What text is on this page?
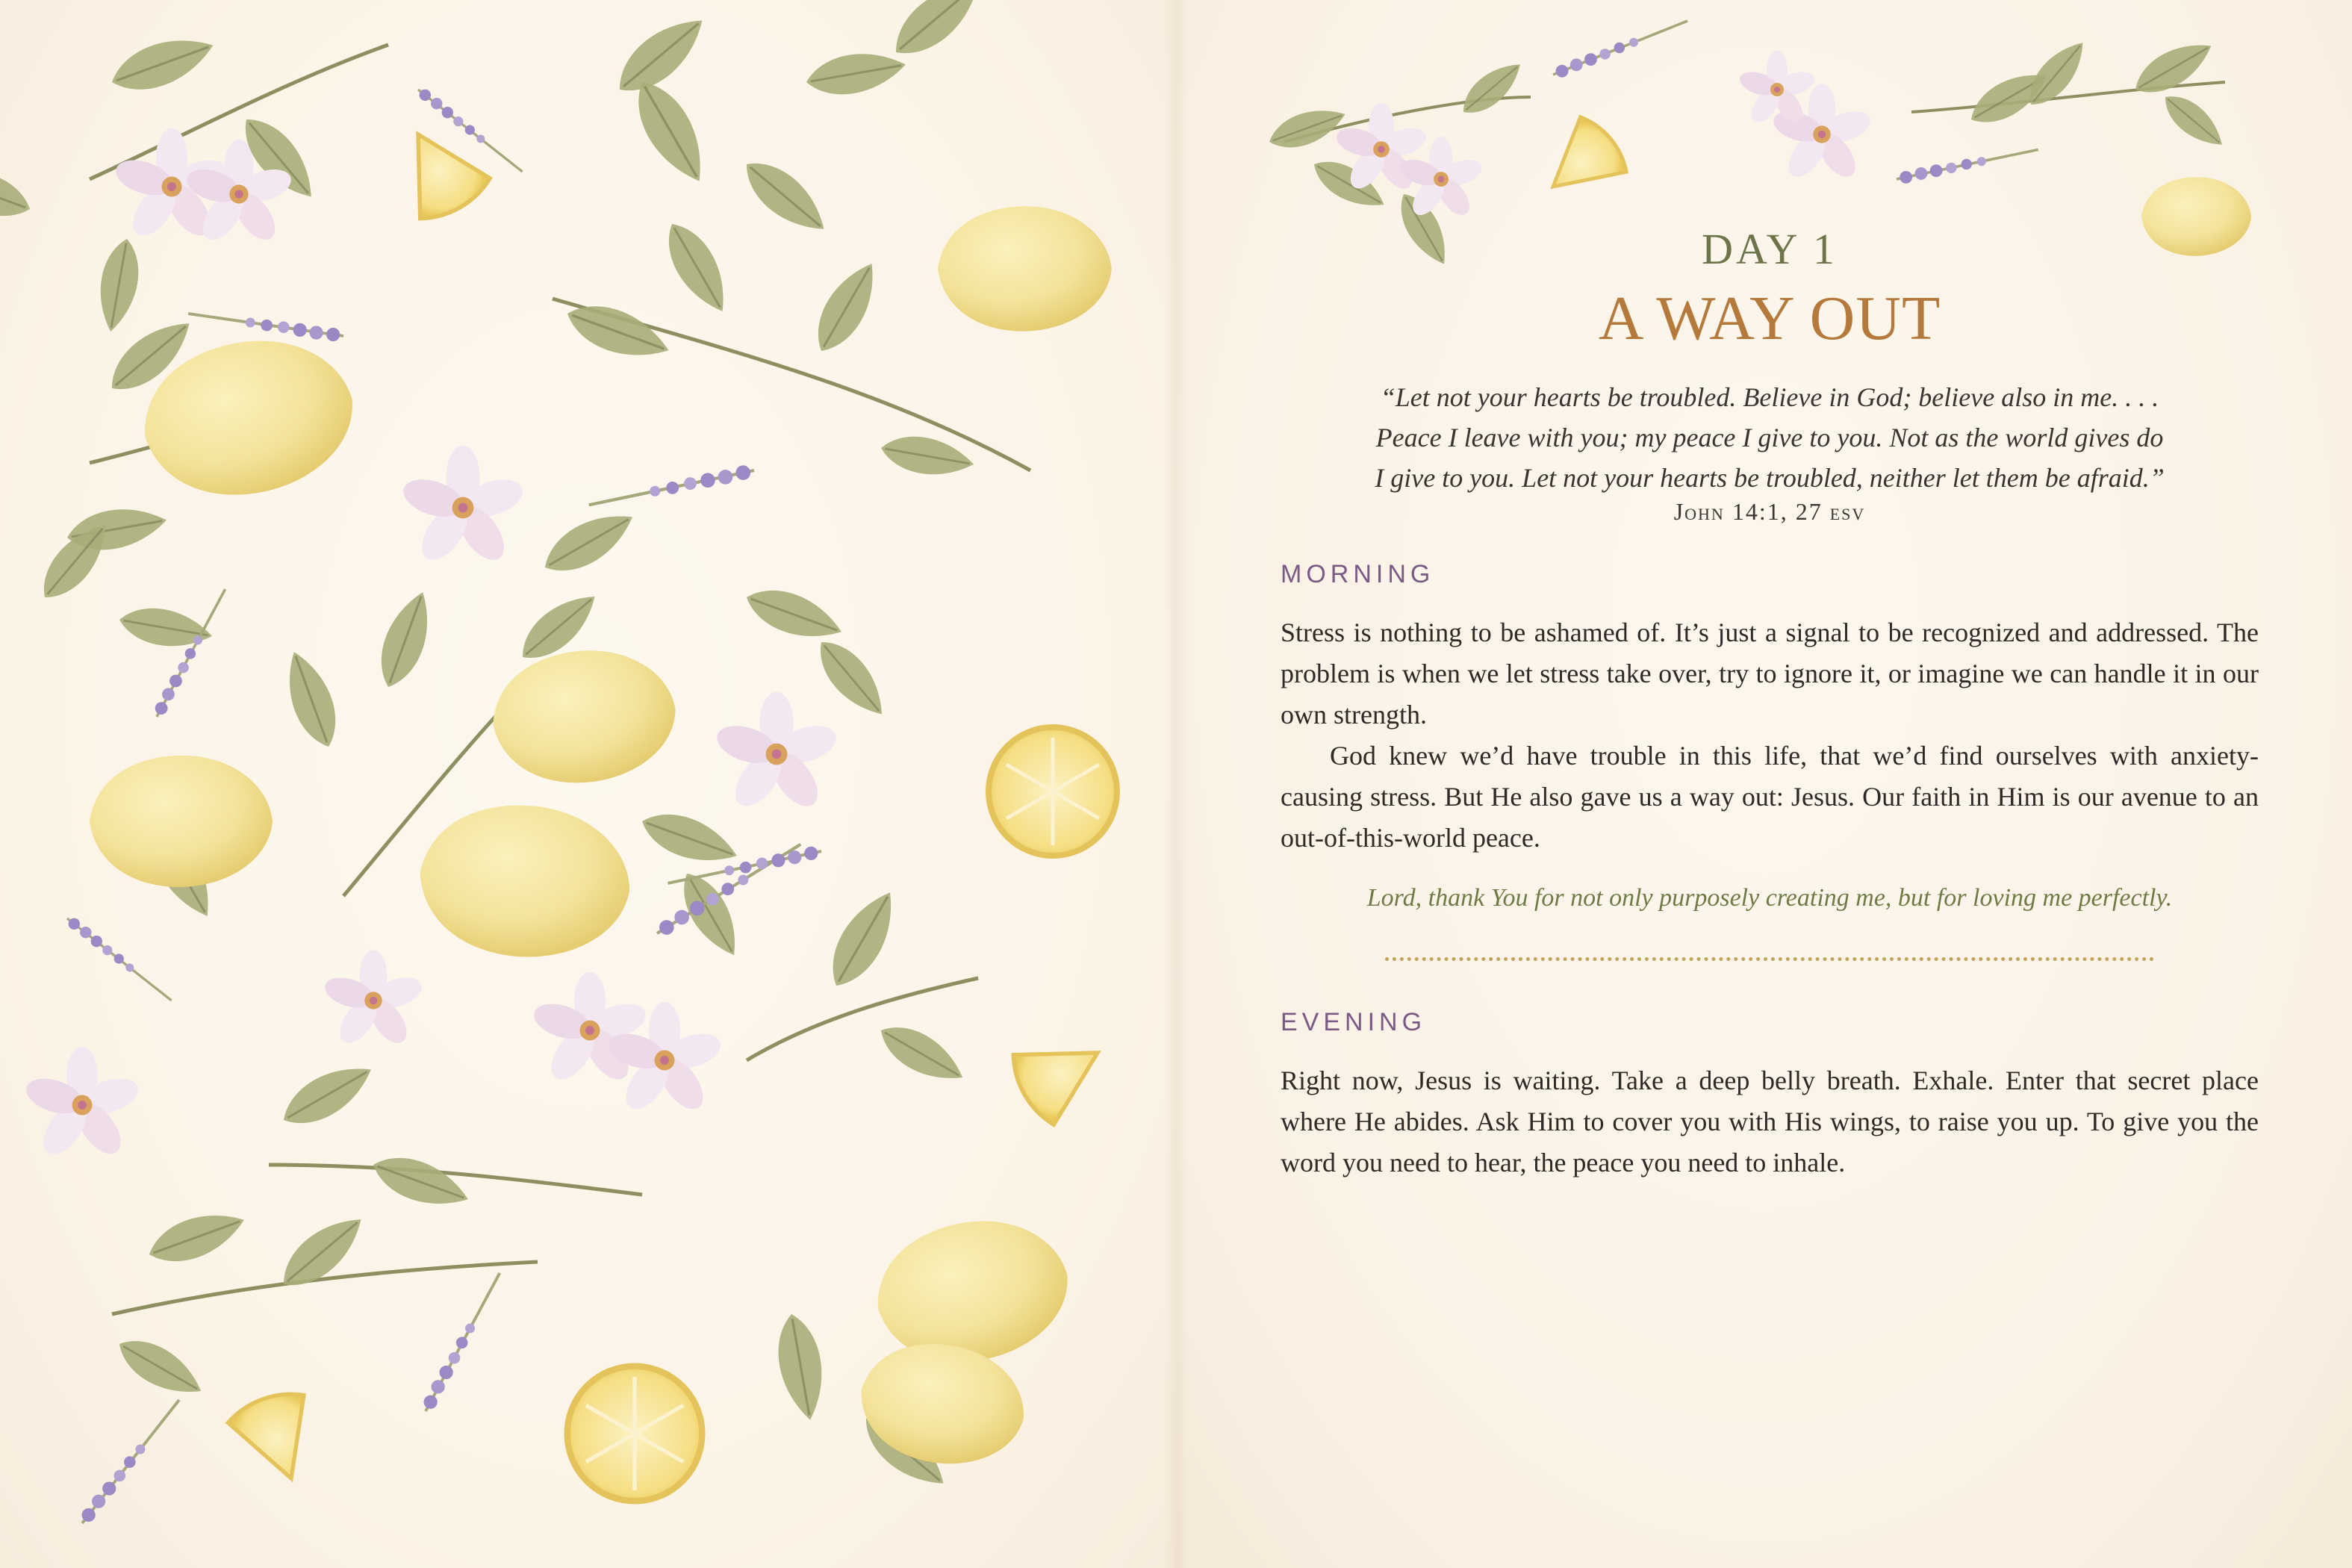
DAY 1
A WAY OUT
“Let not your hearts be troubled. Believe in God; believe also in me. . . .
Peace I leave with you; my peace I give to you. Not as the world gives do
I give to you. Let not your hearts be troubled, neither let them be afraid.”
John 14:1, 27 esv
MORNING

Stress is nothing to be ashamed of. It’s just a signal to be recognized and addressed. The problem is when we let stress take over, try to ignore it, or imagine we can handle it in our own strength.

God knew we’d have trouble in this life, that we’d find ourselves with anxiety-causing stress. But He also gave us a way out: Jesus. Our faith in Him is our avenue to an out-of-this-world peace.

Lord, thank You for not only purposely creating me, but for loving me perfectly.
EVENING

Right now, Jesus is waiting. Take a deep belly breath. Exhale. Enter that secret place where He abides. Ask Him to cover you with His wings, to raise you up. To give you the word you need to hear, the peace you need to inhale.
